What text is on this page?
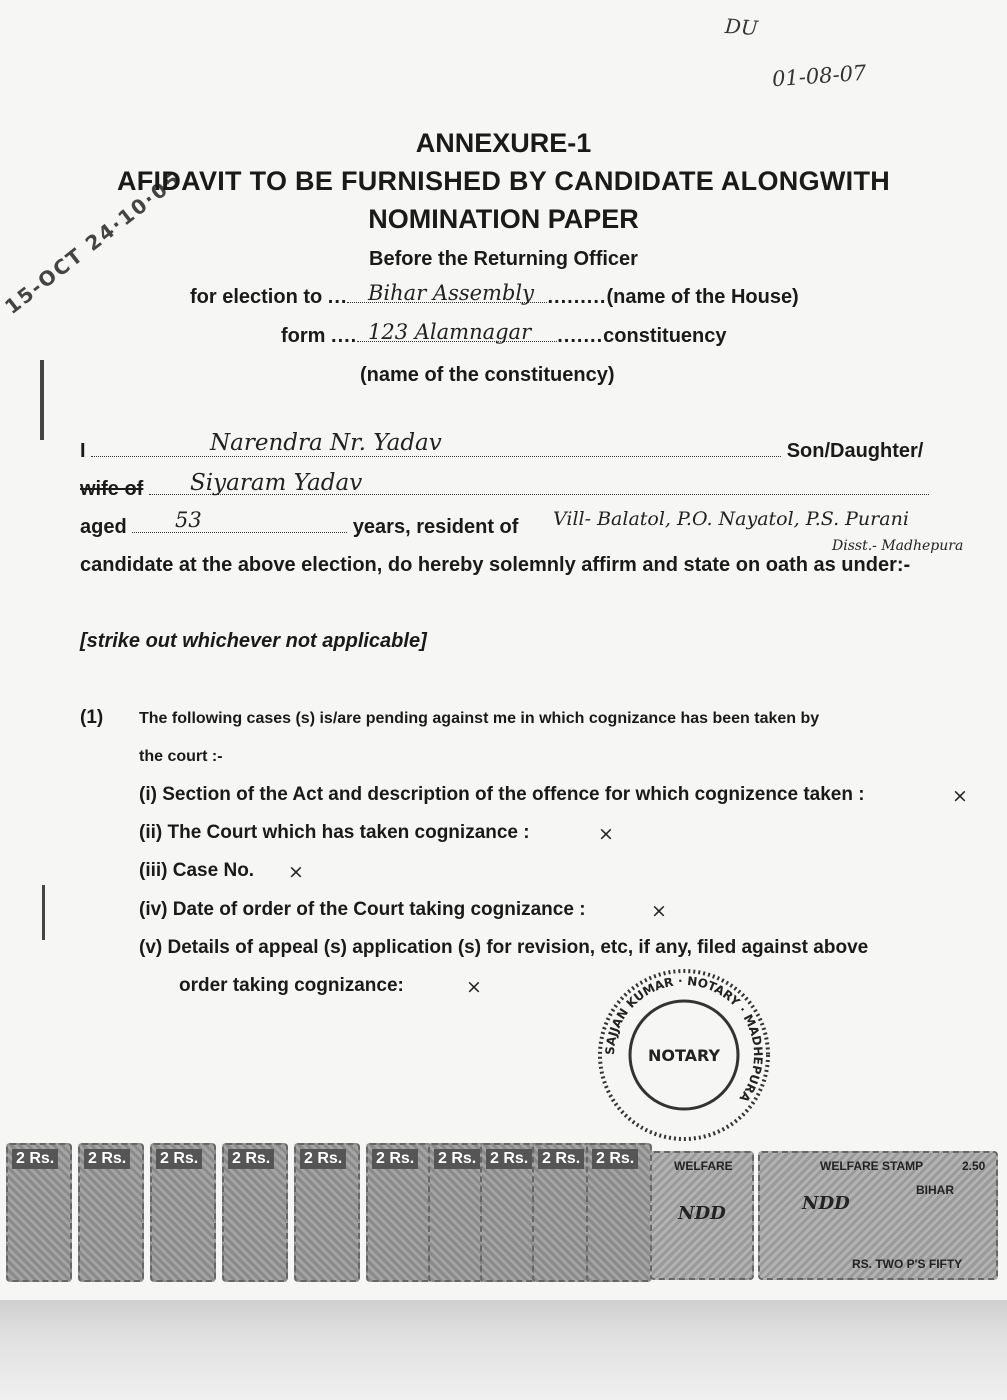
DU
01-08-07
15-OCT 24·10·05
ANNEXURE-1
AFIDAVIT TO BE FURNISHED BY CANDIDATE ALONGWITH
NOMINATION PAPER
Before the Returning Officer
for election to ...	.........(name of the House)
Bihar Assembly
form ....	.......constituency
123 Alamnagar
(name of the constituency)
I	Son/Daughter/
Narendra Nr. Yadav
wife of	Siyaram Yadav
aged	years, resident of
53	Vill- Balatol, P.O. Nayatol, P.S. Purani
Disst.- Madhepura
candidate at the above election, do hereby solemnly affirm and state on oath as under:-
[strike out whichever not applicable]
(1) The following cases (s) is/are pending against me in which cognizance has been taken by
the court :-
(i) Section of the Act and description of the offence for which cognizence taken :	×
(ii) The Court which has taken cognizance :	×
(iii) Case No. ×
(iv) Date of order of the Court taking cognizance :	×
(v) Details of appeal (s) application (s) for revision, etc, if any, filed against above
order taking cognizance:	×
SAJJAN KUMAR · NOTARY · MADHEPURA
NOTARY
2 Rs. 2 Rs. 2 Rs. 2 Rs. 2 Rs. 2 Rs. 2 Rs. 2 Rs. 2 Rs. 2 Rs.	WELFARE
NDD
WELFARE STAMP	2.50
BIHAR
NDD
RS. TWO P'S FIFTY
